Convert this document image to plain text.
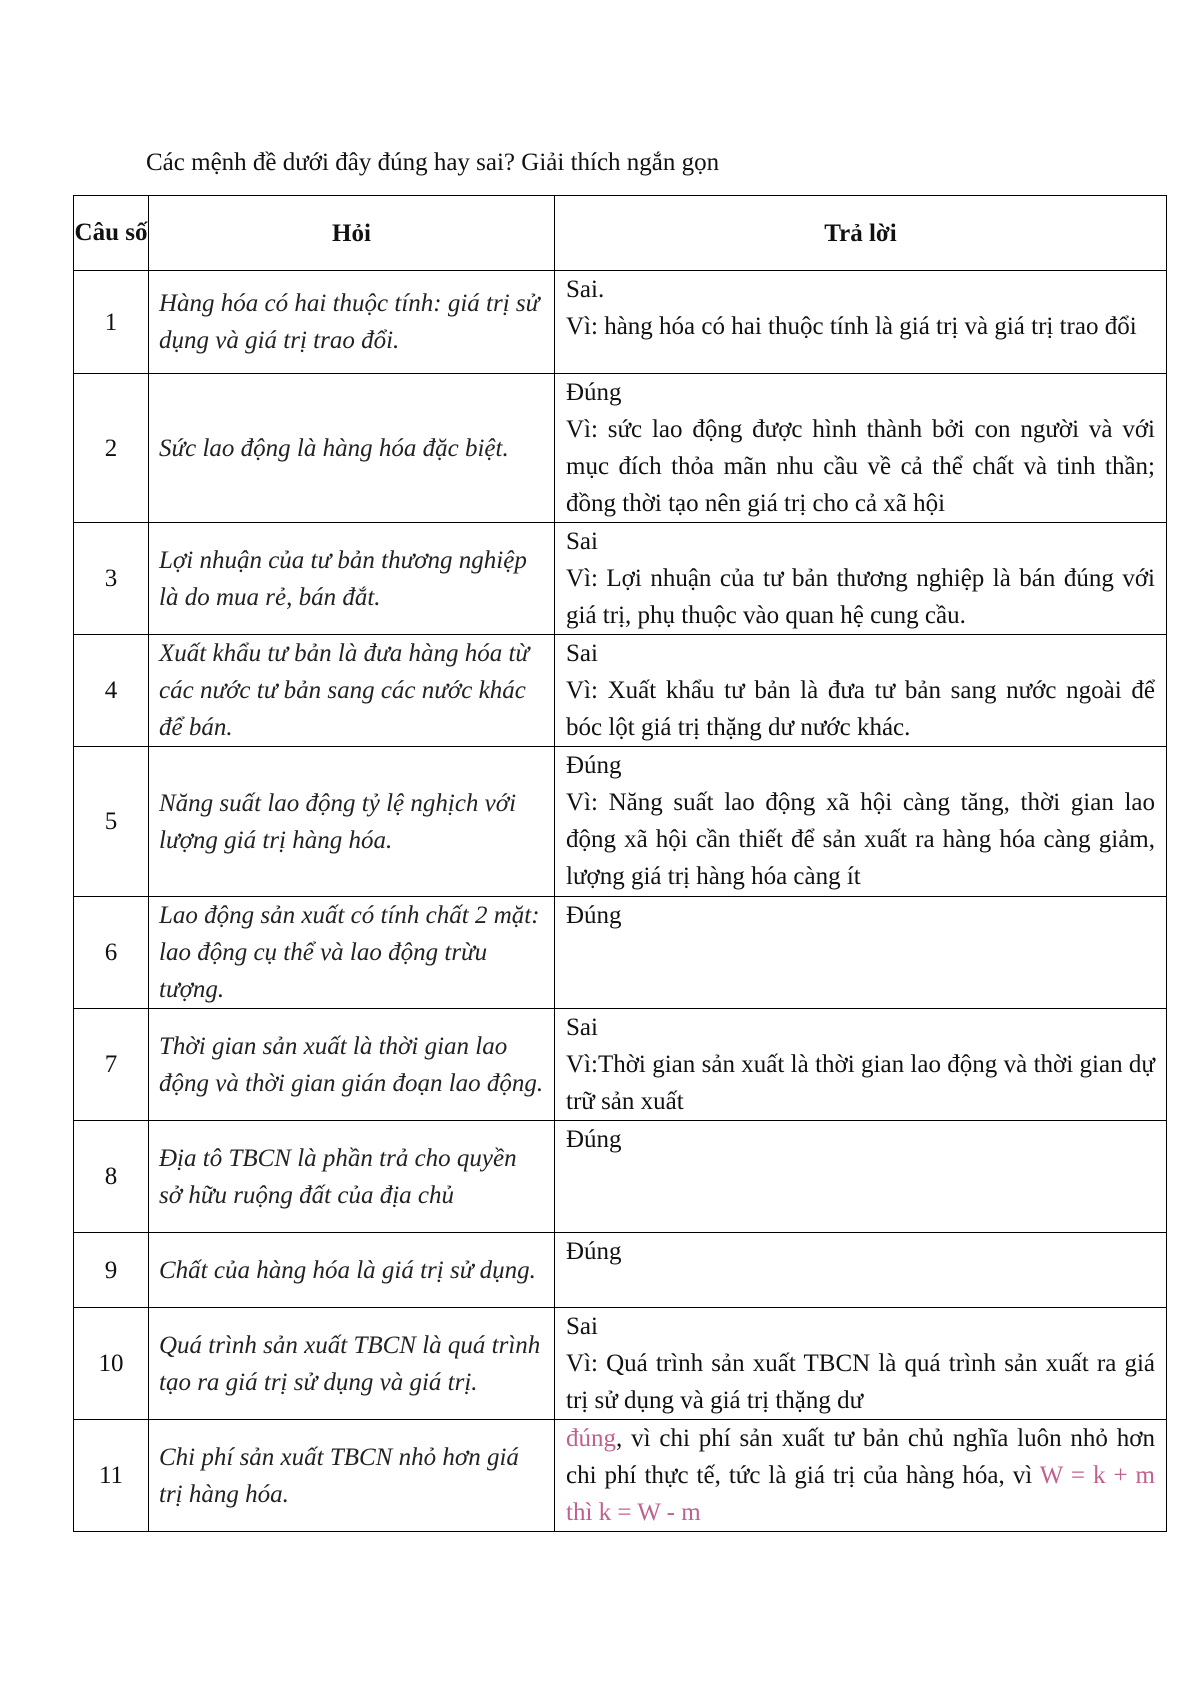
Các mệnh đề dưới đây đúng hay sai? Giải thích ngắn gọn
Câu số	Hỏi	Trả lời
1	Hàng hóa có hai thuộc tính: giá trị sử dụng và giá trị trao đổi.	Sai.
Vì: hàng hóa có hai thuộc tính là giá trị và giá trị trao đổi

2	Sức lao động là hàng hóa đặc biệt.	Đúng
Vì: sức lao động được hình thành bởi con người và với mục đích thỏa mãn nhu cầu về cả thể chất và tinh thần; đồng thời tạo nên giá trị cho cả xã hội

3	Lợi nhuận của tư bản thương nghiệp là do mua rẻ, bán đắt.	Sai
Vì: Lợi nhuận của tư bản thương nghiệp là bán đúng với giá trị, phụ thuộc vào quan hệ cung cầu.

4	Xuất khẩu tư bản là đưa hàng hóa từ các nước tư bản sang các nước khác để bán.	Sai
Vì: Xuất khẩu tư bản là đưa tư bản sang nước ngoài để bóc lột giá trị thặng dư nước khác.

5	Năng suất lao động tỷ lệ nghịch với lượng giá trị hàng hóa.	Đúng
Vì: Năng suất lao động xã hội càng tăng, thời gian lao động xã hội cần thiết để sản xuất ra hàng hóa càng giảm, lượng giá trị hàng hóa càng ít

6	Lao động sản xuất có tính chất 2 mặt: lao động cụ thể và lao động trừu tượng.	Đúng

7	Thời gian sản xuất là thời gian lao động và thời gian gián đoạn lao động.	Sai
Vì:Thời gian sản xuất là thời gian lao động và thời gian dự trữ sản xuất

8	Địa tô TBCN là phần trả cho quyền sở hữu ruộng đất của địa chủ	Đúng

9	Chất của hàng hóa là giá trị sử dụng.	Đúng

10	Quá trình sản xuất TBCN là quá trình tạo ra giá trị sử dụng và giá trị.	Sai
Vì: Quá trình sản xuất TBCN là quá trình sản xuất ra giá trị sử dụng và giá trị thặng dư

11	Chi phí sản xuất TBCN nhỏ hơn giá trị hàng hóa.	đúng, vì chi phí sản xuất tư bản chủ nghĩa luôn nhỏ hơn chi phí thực tế, tức là giá trị của hàng hóa, vì W = k + m thì k = W - m
